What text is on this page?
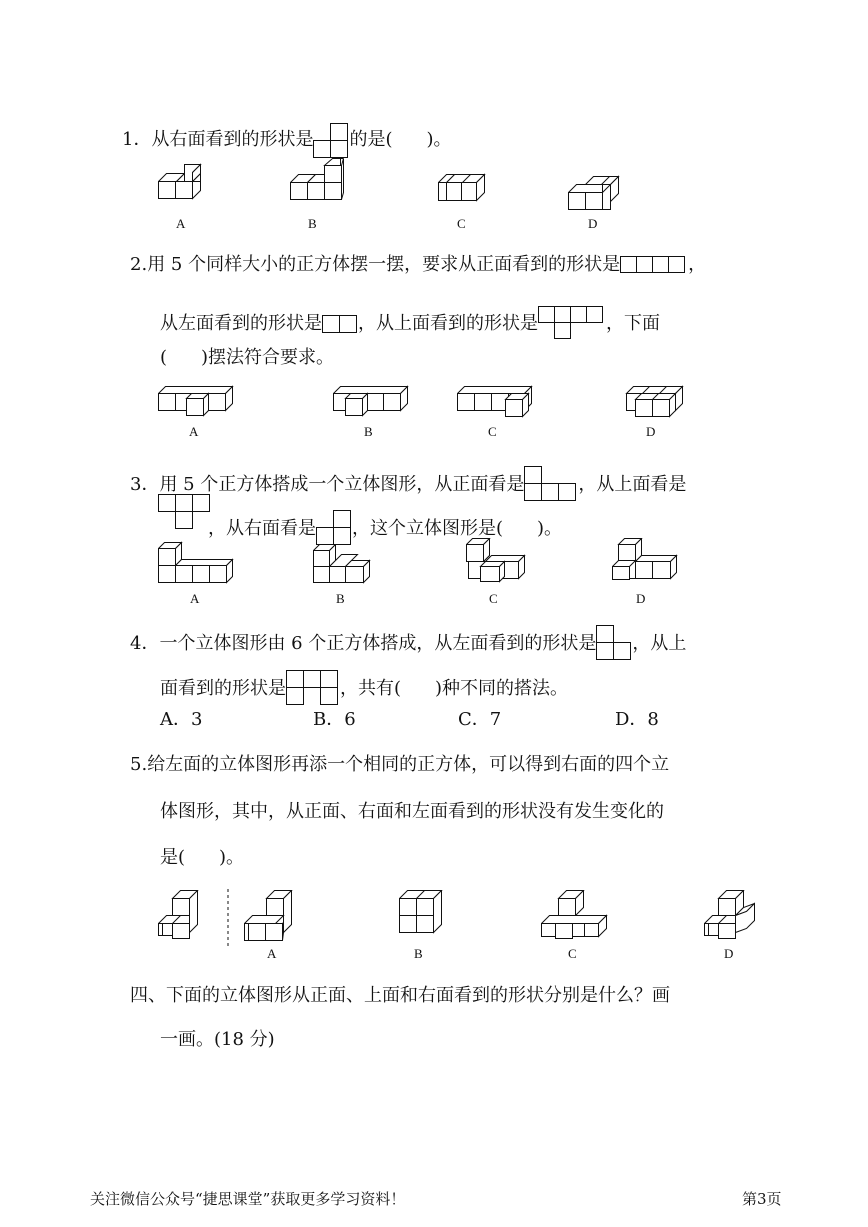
1．从右面看到的形状是 的是( )。
A	B	C	D
2.用 5 个同样大小的正方体摆一摆，要求从正面看到的形状是	，
从左面看到的形状是 ，从上面看到的形状是	，下面
( )摆法符合要求。
A	B	C	D
3．用 5 个正方体搭成一个立体图形，从正面看是	，从上面看是
，从右面看是 ，这个立体图形是( )。
A	B	C	D
4．一个立体图形由 6 个正方体搭成，从左面看到的形状是 ，从上
面看到的形状是	，共有( )种不同的搭法。
A．3	B．6	C．7	D．8
5.给左面的立体图形再添一个相同的正方体，可以得到右面的四个立
体图形，其中，从正面、右面和左面看到的形状没有发生变化的
是( )。
A	B	C	D
四、下面的立体图形从正面、上面和右面看到的形状分别是什么？画
一画。(18 分)
关注微信公众号“捷思课堂”获取更多学习资料！	第3页
